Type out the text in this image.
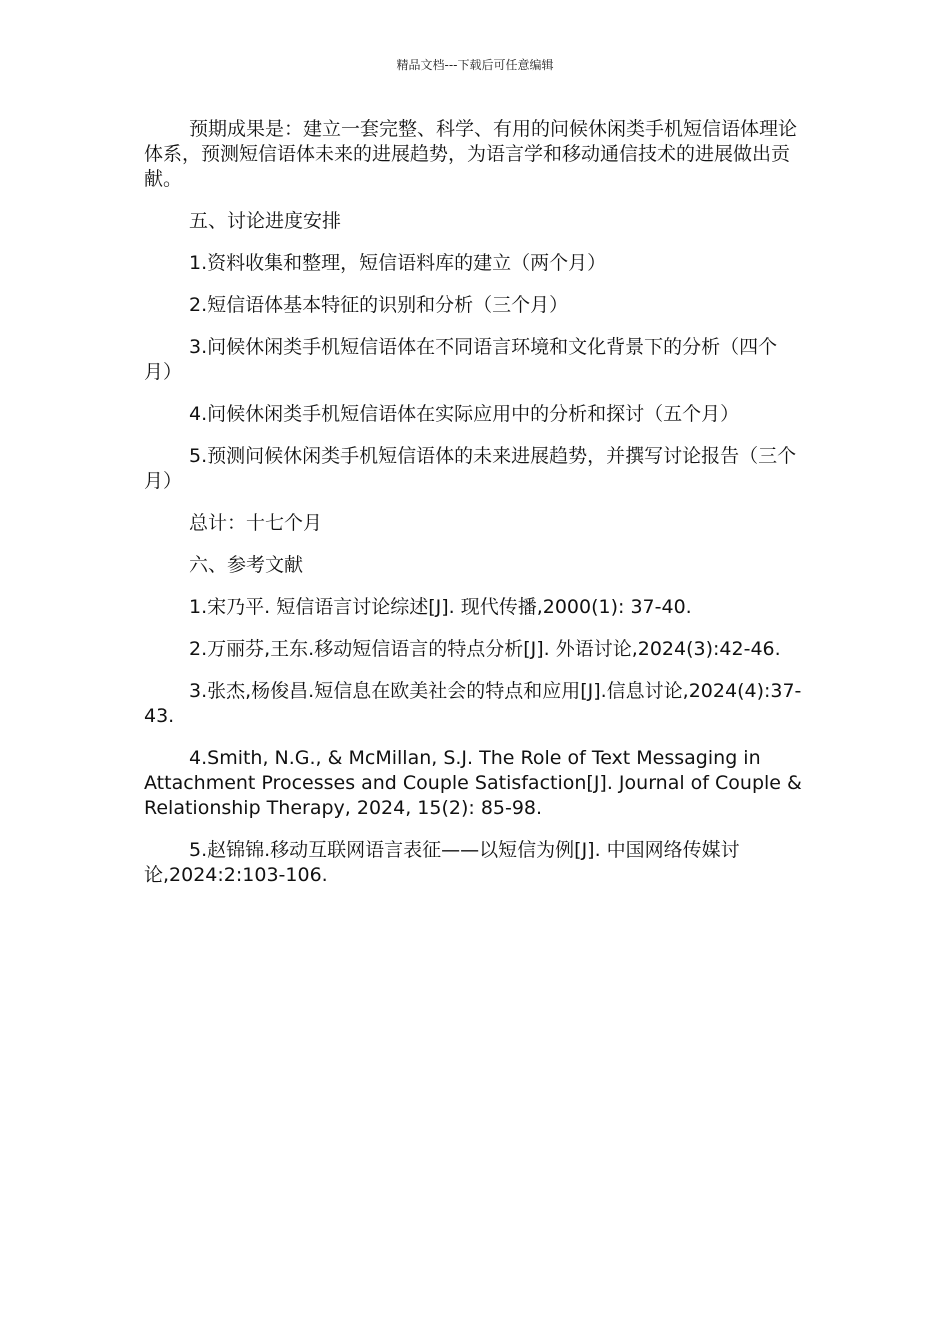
精品文档---下载后可任意编辑

预期成果是：建立一套完整、科学、有用的问候休闲类手机短信语体理论体系，预测短信语体未来的进展趋势，为语言学和移动通信技术的进展做出贡献。

五、讨论进度安排

1.资料收集和整理，短信语料库的建立（两个月）

2.短信语体基本特征的识别和分析（三个月）

3.问候休闲类手机短信语体在不同语言环境和文化背景下的分析（四个月）

4.问候休闲类手机短信语体在实际应用中的分析和探讨（五个月）

5.预测问候休闲类手机短信语体的未来进展趋势，并撰写讨论报告（三个月）

总计：十七个月

六、参考文献

1.宋乃平. 短信语言讨论综述[J]. 现代传播,2000(1): 37-40.

2.万丽芬,王东.移动短信语言的特点分析[J]. 外语讨论,2024(3):42-46.

3.张杰,杨俊昌.短信息在欧美社会的特点和应用[J].信息讨论,2024(4):37-43.

4.Smith, N.G., & McMillan, S.J. The Role of Text Messaging in Attachment Processes and Couple Satisfaction[J]. Journal of Couple & Relationship Therapy, 2024, 15(2): 85-98.

5.赵锦锦.移动互联网语言表征——以短信为例[J]. 中国网络传媒讨论,2024:2:103-106.
